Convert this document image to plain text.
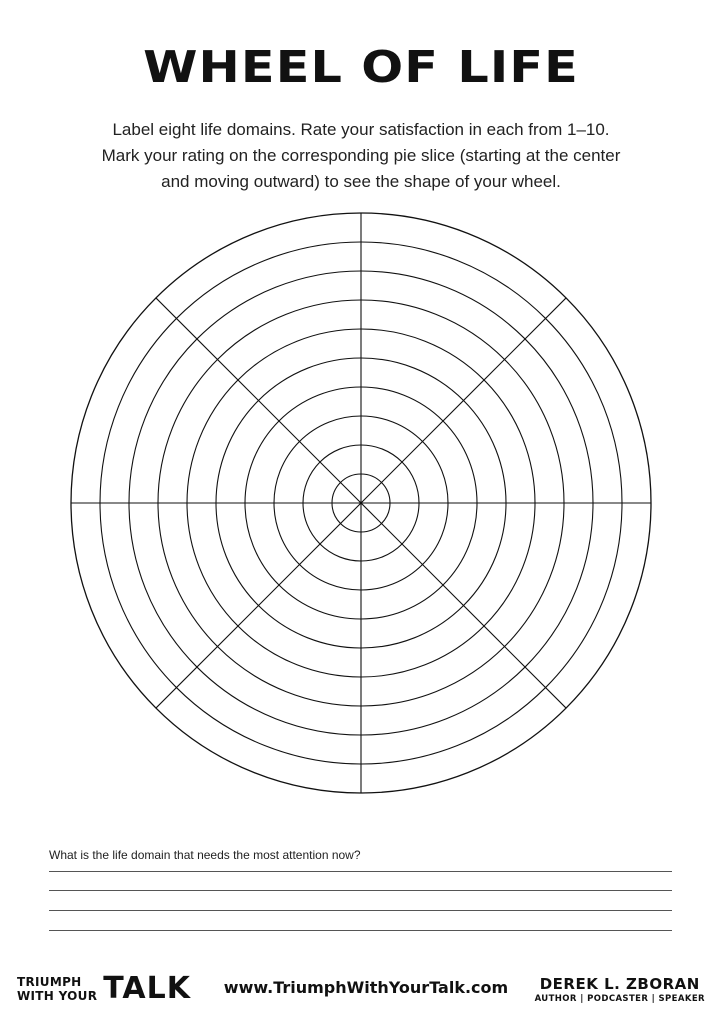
WHEEL OF LIFE
Label eight life domains. Rate your satisfaction in each from 1–10.
Mark your rating on the corresponding pie slice (starting at the center
and moving outward) to see the shape of your wheel.
What is the life domain that needs the most attention now?
TRIUMPH
WITH YOUR TALK	www.TriumphWithYourTalk.com	DEREK L. ZBORAN
AUTHOR | PODCASTER | SPEAKER
